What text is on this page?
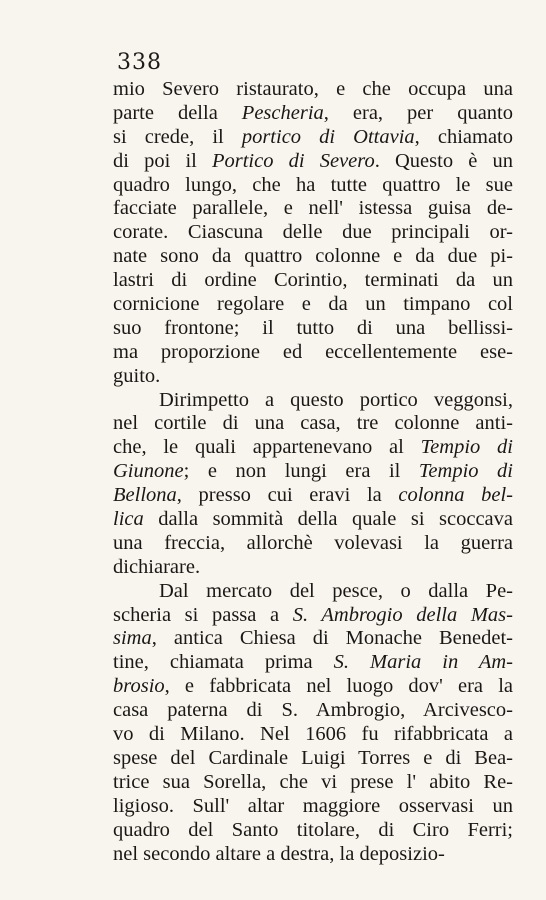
338
mio Severo ristaurato, e che occupa una
parte della Pescheria, era, per quanto
si crede, il portico di Ottavia, chiamato
di poi il Portico di Severo. Questo è un
quadro lungo, che ha tutte quattro le sue
facciate parallele, e nell' istessa guisa de-
corate. Ciascuna delle due principali or-
nate sono da quattro colonne e da due pi-
lastri di ordine Corintio, terminati da un
cornicione regolare e da un timpano col
suo frontone; il tutto di una bellissi-
ma proporzione ed eccellentemente ese-
guito.
Dirimpetto a questo portico veggonsi,
nel cortile di una casa, tre colonne anti-
che, le quali appartenevano al Tempio di
Giunone; e non lungi era il Tempio di
Bellona, presso cui eravi la colonna bel-
lica dalla sommità della quale si scoccava
una freccia, allorchè volevasi la guerra
dichiarare.
Dal mercato del pesce, o dalla Pe-
scheria si passa a S. Ambrogio della Mas-
sima, antica Chiesa di Monache Benedet-
tine, chiamata prima S. Maria in Am-
brosio, e fabbricata nel luogo dov' era la
casa paterna di S. Ambrogio, Arcivesco-
vo di Milano. Nel 1606 fu rifabbricata a
spese del Cardinale Luigi Torres e di Bea-
trice sua Sorella, che vi prese l' abito Re-
ligioso. Sull' altar maggiore osservasi un
quadro del Santo titolare, di Ciro Ferri;
nel secondo altare a destra, la deposizio-
